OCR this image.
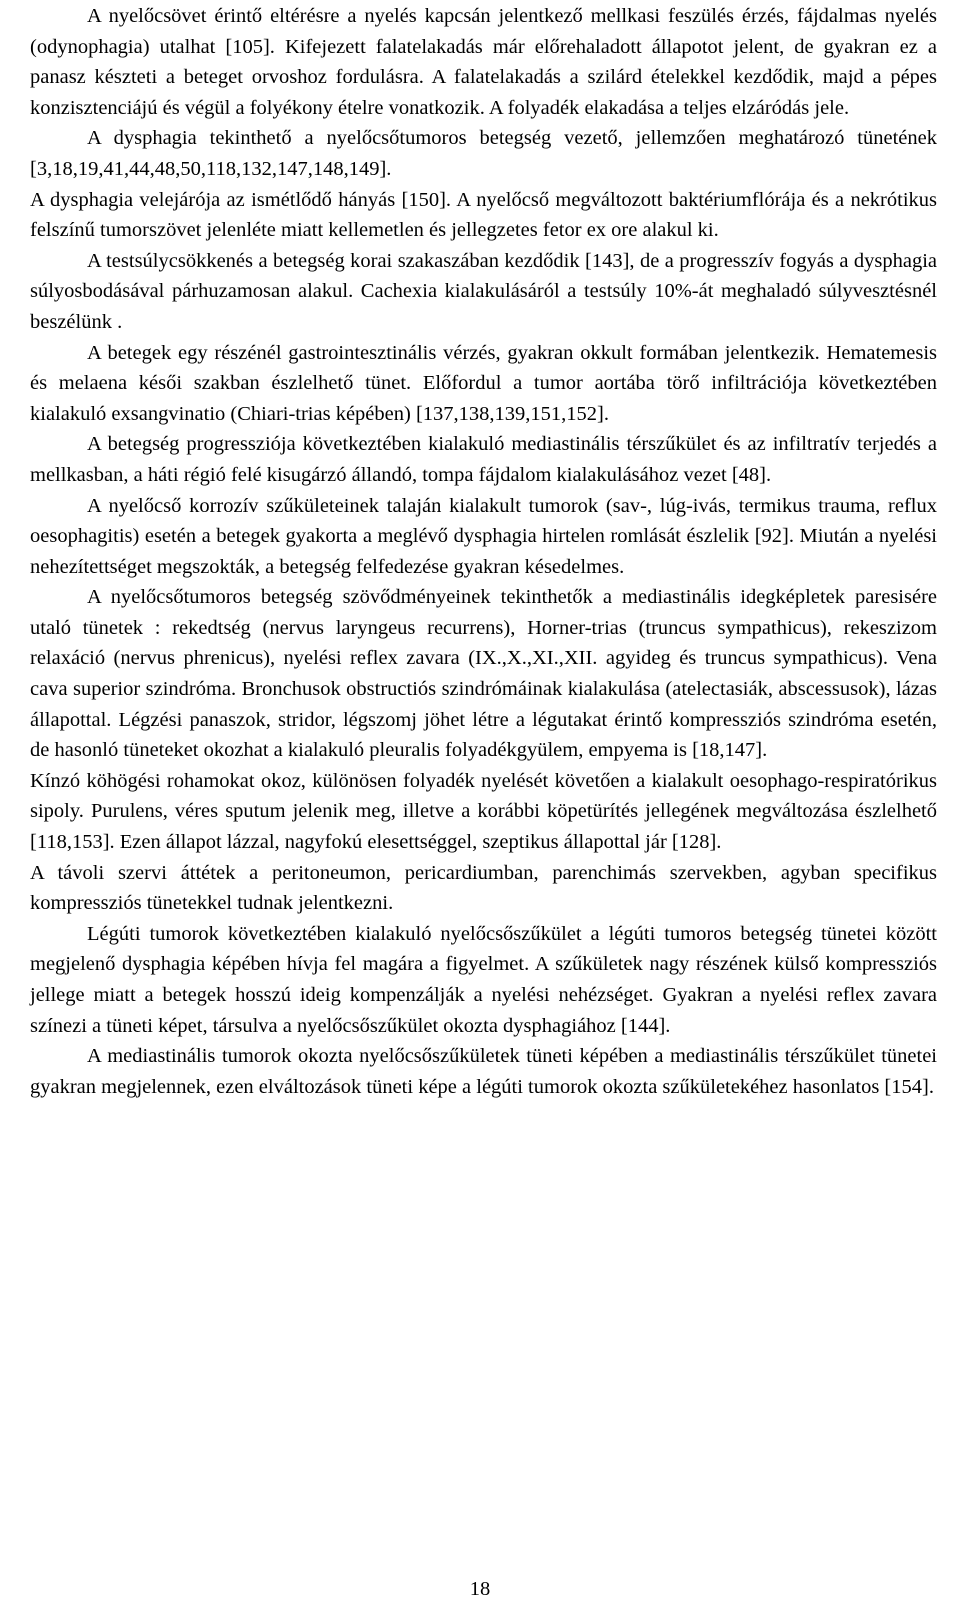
A nyelőcsövet érintő eltérésre a nyelés kapcsán jelentkező mellkasi feszülés érzés, fájdalmas nyelés (odynophagia) utalhat [105]. Kifejezett falatelakadás már előrehaladott állapotot jelent, de gyakran ez a panasz készteti a beteget orvoshoz fordulásra. A falatelakadás a szilárd ételekkel kezdődik, majd a pépes konzisztenciájú és végül a folyékony ételre vonatkozik. A folyadék elakadása a teljes elzáródás jele.

A dysphagia tekinthető a nyelőcsőtumoros betegség vezető, jellemzően meghatározó tünetének [3,18,19,41,44,48,50,118,132,147,148,149].

A dysphagia velejárója az ismétlődő hányás [150]. A nyelőcső megváltozott baktériumflórája és a nekrótikus felszínű tumorszövet jelenléte miatt kellemetlen és jellegzetes fetor ex ore alakul ki.

A testsúlycsökkenés a betegség korai szakaszában kezdődik [143], de a progresszív fogyás a dysphagia súlyosbodásával párhuzamosan alakul. Cachexia kialakulásáról a testsúly 10%-át meghaladó súlyvesztésnél beszélünk .

A betegek egy részénél gastrointesztinális vérzés, gyakran okkult formában jelentkezik. Hematemesis és melaena késői szakban észlelhető tünet. Előfordul a tumor aortába törő infiltrációja következtében kialakuló exsangvinatio (Chiari-trias képében) [137,138,139,151,152].

A betegség progressziója következtében kialakuló mediastinális térszűkület és az infiltratív terjedés a mellkasban, a háti régió felé kisugárzó állandó, tompa fájdalom kialakulásához vezet [48].

A nyelőcső korrozív szűkületeinek talaján kialakult tumorok (sav-, lúg-ivás, termikus trauma, reflux oesophagitis) esetén a betegek gyakorta a meglévő dysphagia hirtelen romlását észlelik [92]. Miután a nyelési nehezítettséget megszokták, a betegség felfedezése gyakran késedelmes.

A nyelőcsőtumoros betegség szövődményeinek tekinthetők a mediastinális idegképletek paresisére utaló tünetek : rekedtség (nervus laryngeus recurrens), Horner-trias (truncus sympathicus), rekeszizom relaxáció (nervus phrenicus), nyelési reflex zavara (IX.,X.,XI.,XII. agyideg és truncus sympathicus). Vena cava superior szindróma. Bronchusok obstructiós szindrómáinak kialakulása (atelectasiák, abscessusok), lázas állapottal. Légzési panaszok, stridor, légszomj jöhet létre a légutakat érintő kompressziós szindróma esetén, de hasonló tüneteket okozhat a kialakuló pleuralis folyadékgyülem, empyema is [18,147].

Kínzó köhögési rohamokat okoz, különösen folyadék nyelését követően a kialakult oesophago-respiratórikus sipoly. Purulens, véres sputum jelenik meg, illetve a korábbi köpetürítés jellegének megváltozása észlelhető [118,153]. Ezen állapot lázzal, nagyfokú elesettséggel, szeptikus állapottal jár [128].

A távoli szervi áttétek a peritoneumon, pericardiumban, parenchimás szervekben, agyban specifikus kompressziós tünetekkel tudnak jelentkezni.

Légúti tumorok következtében kialakuló nyelőcsőszűkület a légúti tumoros betegség tünetei között megjelenő dysphagia képében hívja fel magára a figyelmet. A szűkületek nagy részének külső kompressziós jellege miatt a betegek hosszú ideig kompenzálják a nyelési nehézséget. Gyakran a nyelési reflex zavara színezi a tüneti képet, társulva a nyelőcsőszűkület okozta dysphagiához [144].

A mediastinális tumorok okozta nyelőcsőszűkületek tüneti képében a mediastinális térszűkület tünetei gyakran megjelennek, ezen elváltozások tüneti képe a légúti tumorok okozta szűkületekéhez hasonlatos [154].

18
